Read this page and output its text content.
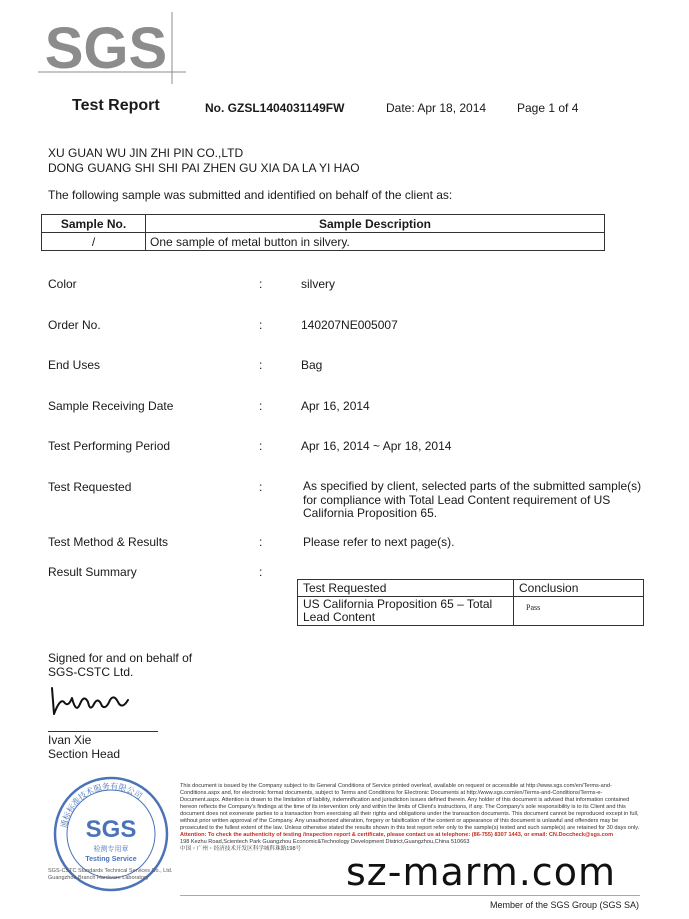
SGS
Test Report	No. GZSL1404031149FW	Date: Apr 18, 2014	Page 1 of 4
XU GUAN WU JIN ZHI PIN CO.,LTD
DONG GUANG SHI SHI PAI ZHEN GU XIA DA LA YI HAO
The following sample was submitted and identified on behalf of the client as:
Sample No.	Sample Description
/	One sample of metal button in silvery.
Color	:	silvery
Order No.	:	140207NE005007
End Uses	:	Bag
Sample Receiving Date	:	Apr 16, 2014
Test Performing Period	:	Apr 16, 2014 ~ Apr 18, 2014
Test Requested	:	As specified by client, selected parts of the submitted sample(s) for compliance with Total Lead Content requirement of US California Proposition 65.
Test Method & Results	:	Please refer to next page(s).
Result Summary	:
Test Requested	Conclusion
US California Proposition 65 – Total Lead Content	Pass
Signed for and on behalf of
SGS-CSTC Ltd.
Ivan Xie
Section Head
通标标准技术服务有限公司
SGS
检测专用章
Testing Service
SGS-CSTC Standards Technical Services Co., Ltd.
Guangzhou Branch Hardware Laboratory
This document is issued by the Company subject to its General Conditions of Service printed overleaf, available on request or accessible at http://www.sgs.com/en/Terms-and-Conditions.aspx and, for electronic format documents, subject to Terms and Conditions for Electronic Documents at http://www.sgs.com/en/Terms-and-Conditions/Terms-e-Document.aspx. Attention is drawn to the limitation of liability, indemnification and jurisdiction issues defined therein. Any holder of this document is advised that information contained hereon reflects the Company's findings at the time of its intervention only and within the limits of Client's instructions, if any. The Company's sole responsibility is to its Client and this document does not exonerate parties to a transaction from exercising all their rights and obligations under the transaction documents. This document cannot be reproduced except in full, without prior written approval of the Company. Any unauthorized alteration, forgery or falsification of the content or appearance of this document is unlawful and offenders may be prosecuted to the fullest extent of the law. Unless otherwise stated the results shown in this test report refer only to the sample(s) tested and such sample(s) are retained for 30 days only.
Attention: To check the authenticity of testing /inspection report & certificate, please contact us at telephone: (86-755) 8307 1443, or email: CN.Doccheck@sgs.com
198 Kezhu Road,Scientech Park Guangzhou Economic&Technology Development District,Guangzhou,China 510663
中国・广州・经济技术开发区科学城科珠路198号
sz-marm.com
Member of the SGS Group (SGS SA)
